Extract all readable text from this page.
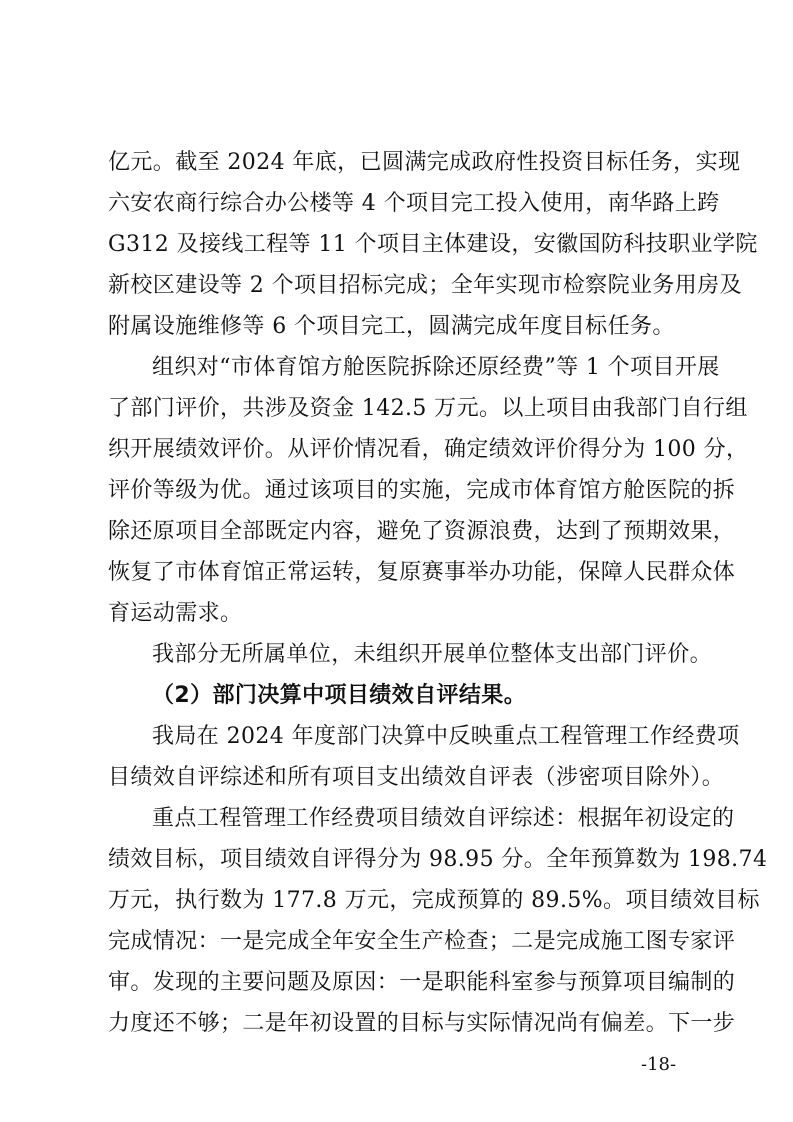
亿元。截至 2024 年底，已圆满完成政府性投资目标任务，实现
六安农商行综合办公楼等 4 个项目完工投入使用，南华路上跨
G312 及接线工程等 11 个项目主体建设，安徽国防科技职业学院
新校区建设等 2 个项目招标完成；全年实现市检察院业务用房及
附属设施维修等 6 个项目完工，圆满完成年度目标任务。
组织对“市体育馆方舱医院拆除还原经费”等 1 个项目开展
了部门评价，共涉及资金 142.5 万元。以上项目由我部门自行组
织开展绩效评价。从评价情况看，确定绩效评价得分为 100 分，
评价等级为优。通过该项目的实施，完成市体育馆方舱医院的拆
除还原项目全部既定内容，避免了资源浪费，达到了预期效果，
恢复了市体育馆正常运转，复原赛事举办功能，保障人民群众体
育运动需求。
我部分无所属单位，未组织开展单位整体支出部门评价。
（2）部门决算中项目绩效自评结果。
我局在 2024 年度部门决算中反映重点工程管理工作经费项
目绩效自评综述和所有项目支出绩效自评表（涉密项目除外）。
重点工程管理工作经费项目绩效自评综述：根据年初设定的
绩效目标，项目绩效自评得分为 98.95 分。全年预算数为 198.74
万元，执行数为 177.8 万元，完成预算的 89.5%。项目绩效目标
完成情况：一是完成全年安全生产检查；二是完成施工图专家评
审。发现的主要问题及原因：一是职能科室参与预算项目编制的
力度还不够；二是年初设置的目标与实际情况尚有偏差。下一步
-18-
